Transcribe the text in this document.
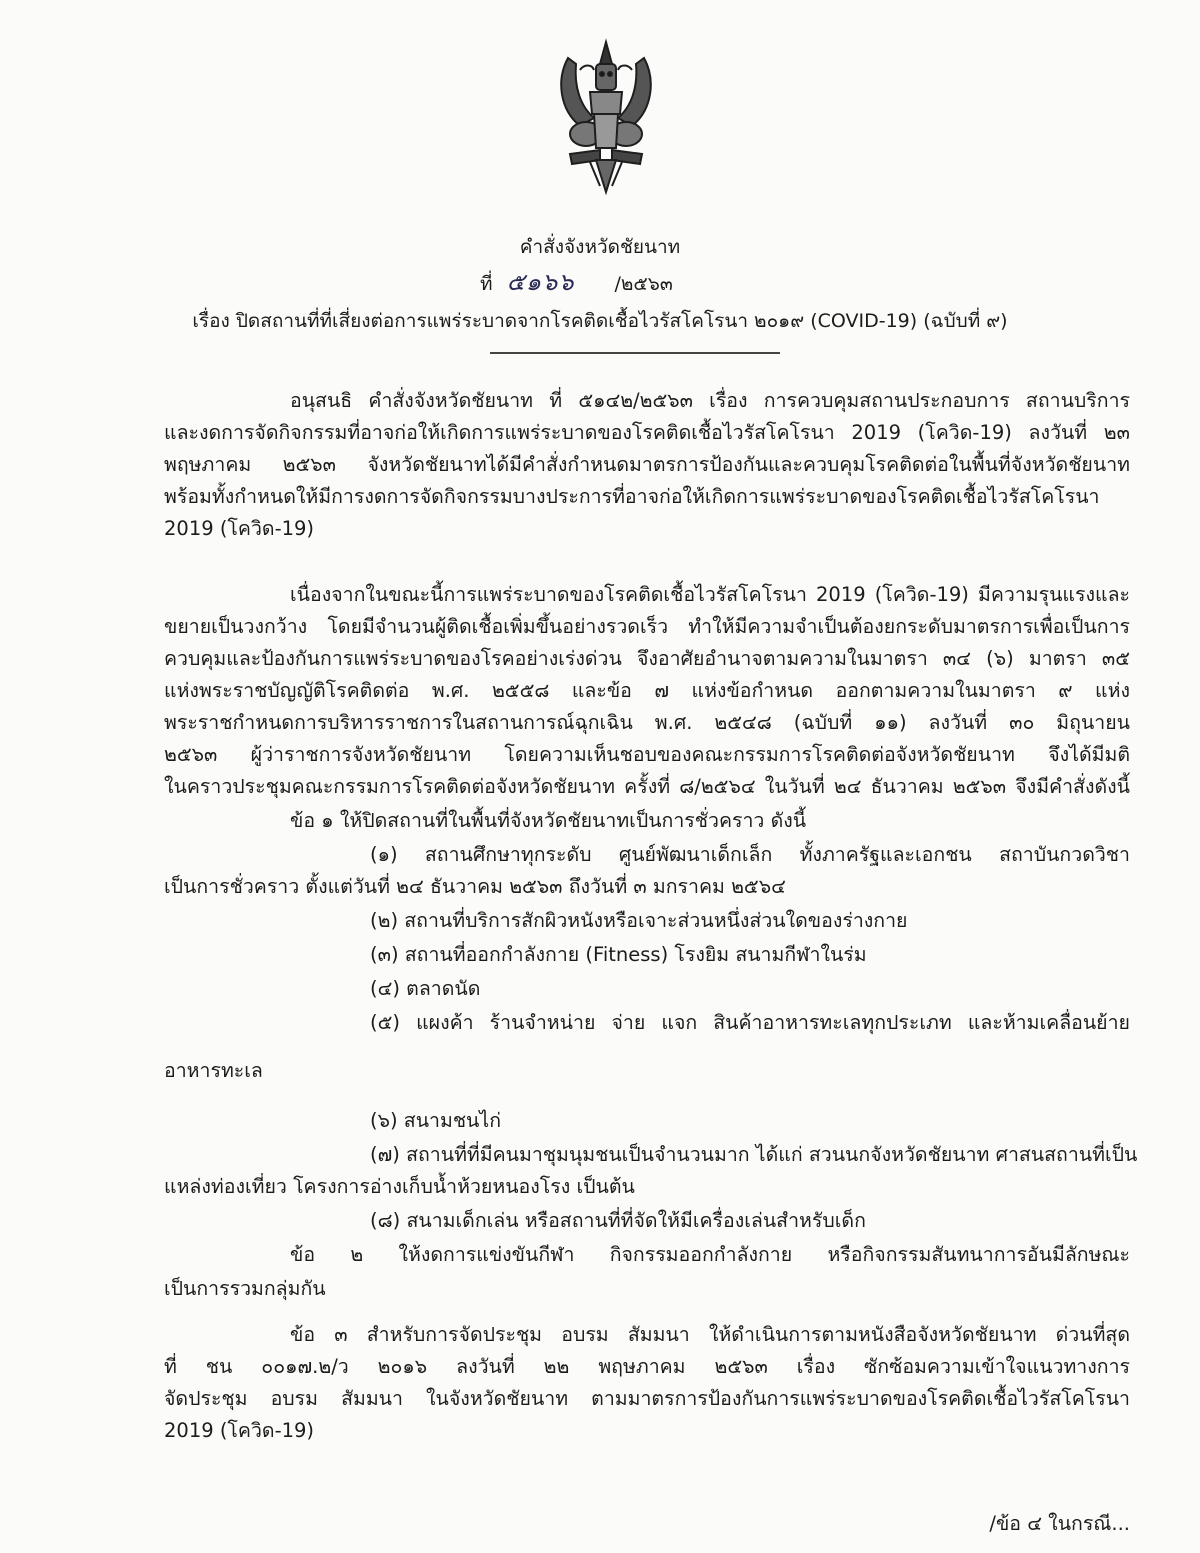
คำสั่งจังหวัดชัยนาท
ที่ ๕๑๖๖ /๒๕๖๓
เรื่อง ปิดสถานที่ที่เสี่ยงต่อการแพร่ระบาดจากโรคติดเชื้อไวรัสโคโรนา ๒๐๑๙ (COVID-19) (ฉบับที่ ๙)
อนุสนธิ คำสั่งจังหวัดชัยนาท ที่ ๕๑๔๒/๒๕๖๓ เรื่อง การควบคุมสถานประกอบการ สถานบริการ
และงดการจัดกิจกรรมที่อาจก่อให้เกิดการแพร่ระบาดของโรคติดเชื้อไวรัสโคโรนา 2019 (โควิด-19) ลงวันที่ ๒๓
พฤษภาคม ๒๕๖๓ จังหวัดชัยนาทได้มีคำสั่งกำหนดมาตรการป้องกันและควบคุมโรคติดต่อในพื้นที่จังหวัดชัยนาท
พร้อมทั้งกำหนดให้มีการงดการจัดกิจกรรมบางประการที่อาจก่อให้เกิดการแพร่ระบาดของโรคติดเชื้อไวรัสโคโรนา
2019 (โควิด-19)
เนื่องจากในขณะนี้การแพร่ระบาดของโรคติดเชื้อไวรัสโคโรนา 2019 (โควิด-19) มีความรุนแรงและ
ขยายเป็นวงกว้าง โดยมีจำนวนผู้ติดเชื้อเพิ่มขึ้นอย่างรวดเร็ว ทำให้มีความจำเป็นต้องยกระดับมาตรการเพื่อเป็นการ
ควบคุมและป้องกันการแพร่ระบาดของโรคอย่างเร่งด่วน จึงอาศัยอำนาจตามความในมาตรา ๓๔ (๖) มาตรา ๓๕
แห่งพระราชบัญญัติโรคติดต่อ พ.ศ. ๒๕๕๘ และข้อ ๗ แห่งข้อกำหนด ออกตามความในมาตรา ๙ แห่ง
พระราชกำหนดการบริหารราชการในสถานการณ์ฉุกเฉิน พ.ศ. ๒๕๔๘ (ฉบับที่ ๑๑) ลงวันที่ ๓๐ มิถุนายน
๒๕๖๓ ผู้ว่าราชการจังหวัดชัยนาท โดยความเห็นชอบของคณะกรรมการโรคติดต่อจังหวัดชัยนาท จึงได้มีมติ
ในคราวประชุมคณะกรรมการโรคติดต่อจังหวัดชัยนาท ครั้งที่ ๘/๒๕๖๔ ในวันที่ ๒๔ ธันวาคม ๒๕๖๓ จึงมีคำสั่งดังนี้
ข้อ ๑ ให้ปิดสถานที่ในพื้นที่จังหวัดชัยนาทเป็นการชั่วคราว ดังนี้
(๑) สถานศึกษาทุกระดับ ศูนย์พัฒนาเด็กเล็ก ทั้งภาครัฐและเอกชน สถาบันกวดวิชา
เป็นการชั่วคราว ตั้งแต่วันที่ ๒๔ ธันวาคม ๒๕๖๓ ถึงวันที่ ๓ มกราคม ๒๕๖๔
(๒) สถานที่บริการสักผิวหนังหรือเจาะส่วนหนึ่งส่วนใดของร่างกาย
(๓) สถานที่ออกกำลังกาย (Fitness) โรงยิม สนามกีฬาในร่ม
(๔) ตลาดนัด
(๕) แผงค้า ร้านจำหน่าย จ่าย แจก สินค้าอาหารทะเลทุกประเภท และห้ามเคลื่อนย้าย
อาหารทะเล
(๖) สนามชนไก่
(๗) สถานที่ที่มีคนมาชุมนุมชนเป็นจำนวนมาก ได้แก่ สวนนกจังหวัดชัยนาท ศาสนสถานที่เป็น
แหล่งท่องเที่ยว โครงการอ่างเก็บน้ำห้วยหนองโรง เป็นต้น
(๘) สนามเด็กเล่น หรือสถานที่ที่จัดให้มีเครื่องเล่นสำหรับเด็ก
ข้อ ๒ ให้งดการแข่งขันกีฬา กิจกรรมออกกำลังกาย หรือกิจกรรมสันทนาการอันมีลักษณะ
เป็นการรวมกลุ่มกัน
ข้อ ๓ สำหรับการจัดประชุม อบรม สัมมนา ให้ดำเนินการตามหนังสือจังหวัดชัยนาท ด่วนที่สุด
ที่ ชน ๐๐๑๗.๒/ว ๒๐๑๖ ลงวันที่ ๒๒ พฤษภาคม ๒๕๖๓ เรื่อง ซักซ้อมความเข้าใจแนวทางการ
จัดประชุม อบรม สัมมนา ในจังหวัดชัยนาท ตามมาตรการป้องกันการแพร่ระบาดของโรคติดเชื้อไวรัสโคโรนา
2019 (โควิด-19)
/ข้อ ๔ ในกรณี...
